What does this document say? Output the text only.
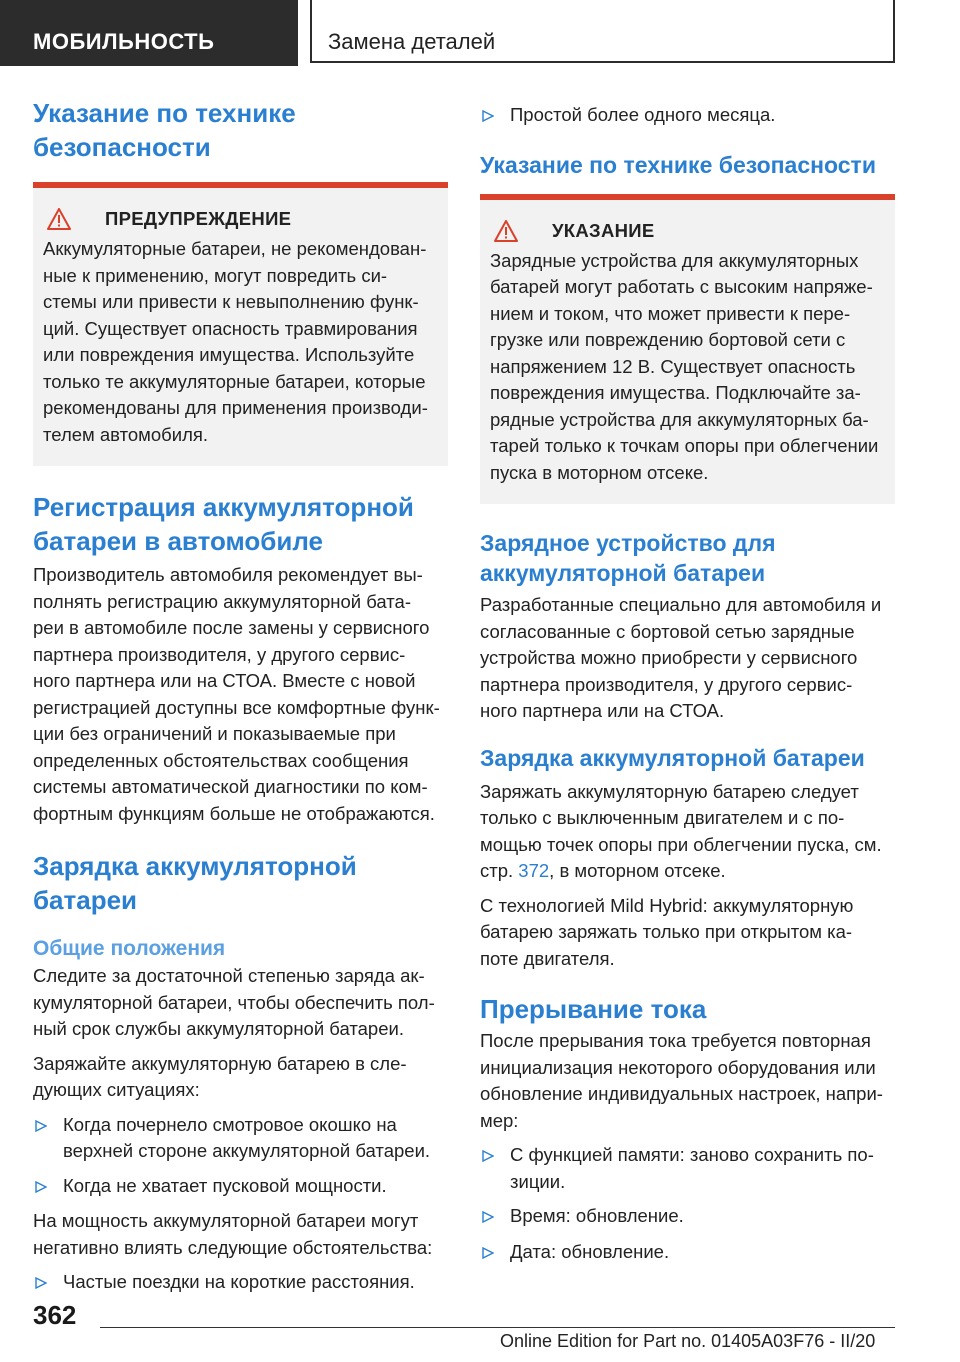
МОБИЛЬНОСТЬ	Замена деталей
Указание по технике
безопасности
ПРЕДУПРЕЖДЕНИЕ

Аккумуляторные батареи, не рекомендован-
ные к применению, могут повредить си-
стемы или привести к невыполнению функ-
ций. Существует опасность травмирования
или повреждения имущества. Используйте
только те аккумуляторные батареи, которые
рекомендованы для применения производи-
телем автомобиля.

Регистрация аккумуляторной
батареи в автомобиле

Производитель автомобиля рекомендует вы-
полнять регистрацию аккумуляторной бата-
реи в автомобиле после замены у сервисного
партнера производителя, у другого сервис-
ного партнера или на СТОА. Вместе с новой
регистрацией доступны все комфортные функ-
ции без ограничений и показываемые при
определенных обстоятельствах сообщения
системы автоматической диагностики по ком-
фортным функциям больше не отображаются.

Зарядка аккумуляторной
батареи
Общие положения

Следите за достаточной степенью заряда ак-
кумуляторной батареи, чтобы обеспечить пол-
ный срок службы аккумуляторной батареи.

Заряжайте аккумуляторную батарею в сле-
дующих ситуациях:

Когда почернело смотровое окошко на
верхней стороне аккумуляторной батареи.
Когда не хватает пусковой мощности.

На мощность аккумуляторной батареи могут
негативно влиять следующие обстоятельства:

Частые поездки на короткие расстояния.
Простой более одного месяца.
Указание по технике безопасности
УКАЗАНИЕ

Зарядные устройства для аккумуляторных
батарей могут работать с высоким напряже-
нием и током, что может привести к пере-
грузке или повреждению бортовой сети с
напряжением 12 В. Существует опасность
повреждения имущества. Подключайте за-
рядные устройства для аккумуляторных ба-
тарей только к точкам опоры при облегчении
пуска в моторном отсеке.

Зарядное устройство для
аккумуляторной батареи

Разработанные специально для автомобиля и
согласованные с бортовой сетью зарядные
устройства можно приобрести у сервисного
партнера производителя, у другого сервис-
ного партнера или на СТОА.

Зарядка аккумуляторной батареи

Заряжать аккумуляторную батарею следует
только с выключенным двигателем и с по-
мощью точек опоры при облегчении пуска, см.
стр. 372, в моторном отсеке.

С технологией Mild Hybrid: аккумуляторную
батарею заряжать только при открытом ка-
поте двигателя.

Прерывание тока

После прерывания тока требуется повторная
инициализация некоторого оборудования или
обновление индивидуальных настроек, напри-
мер:

С функцией памяти: заново сохранить по-
зиции.
Время: обновление.
Дата: обновление.
362
Online Edition for Part no. 01405A03F76 - II/20
